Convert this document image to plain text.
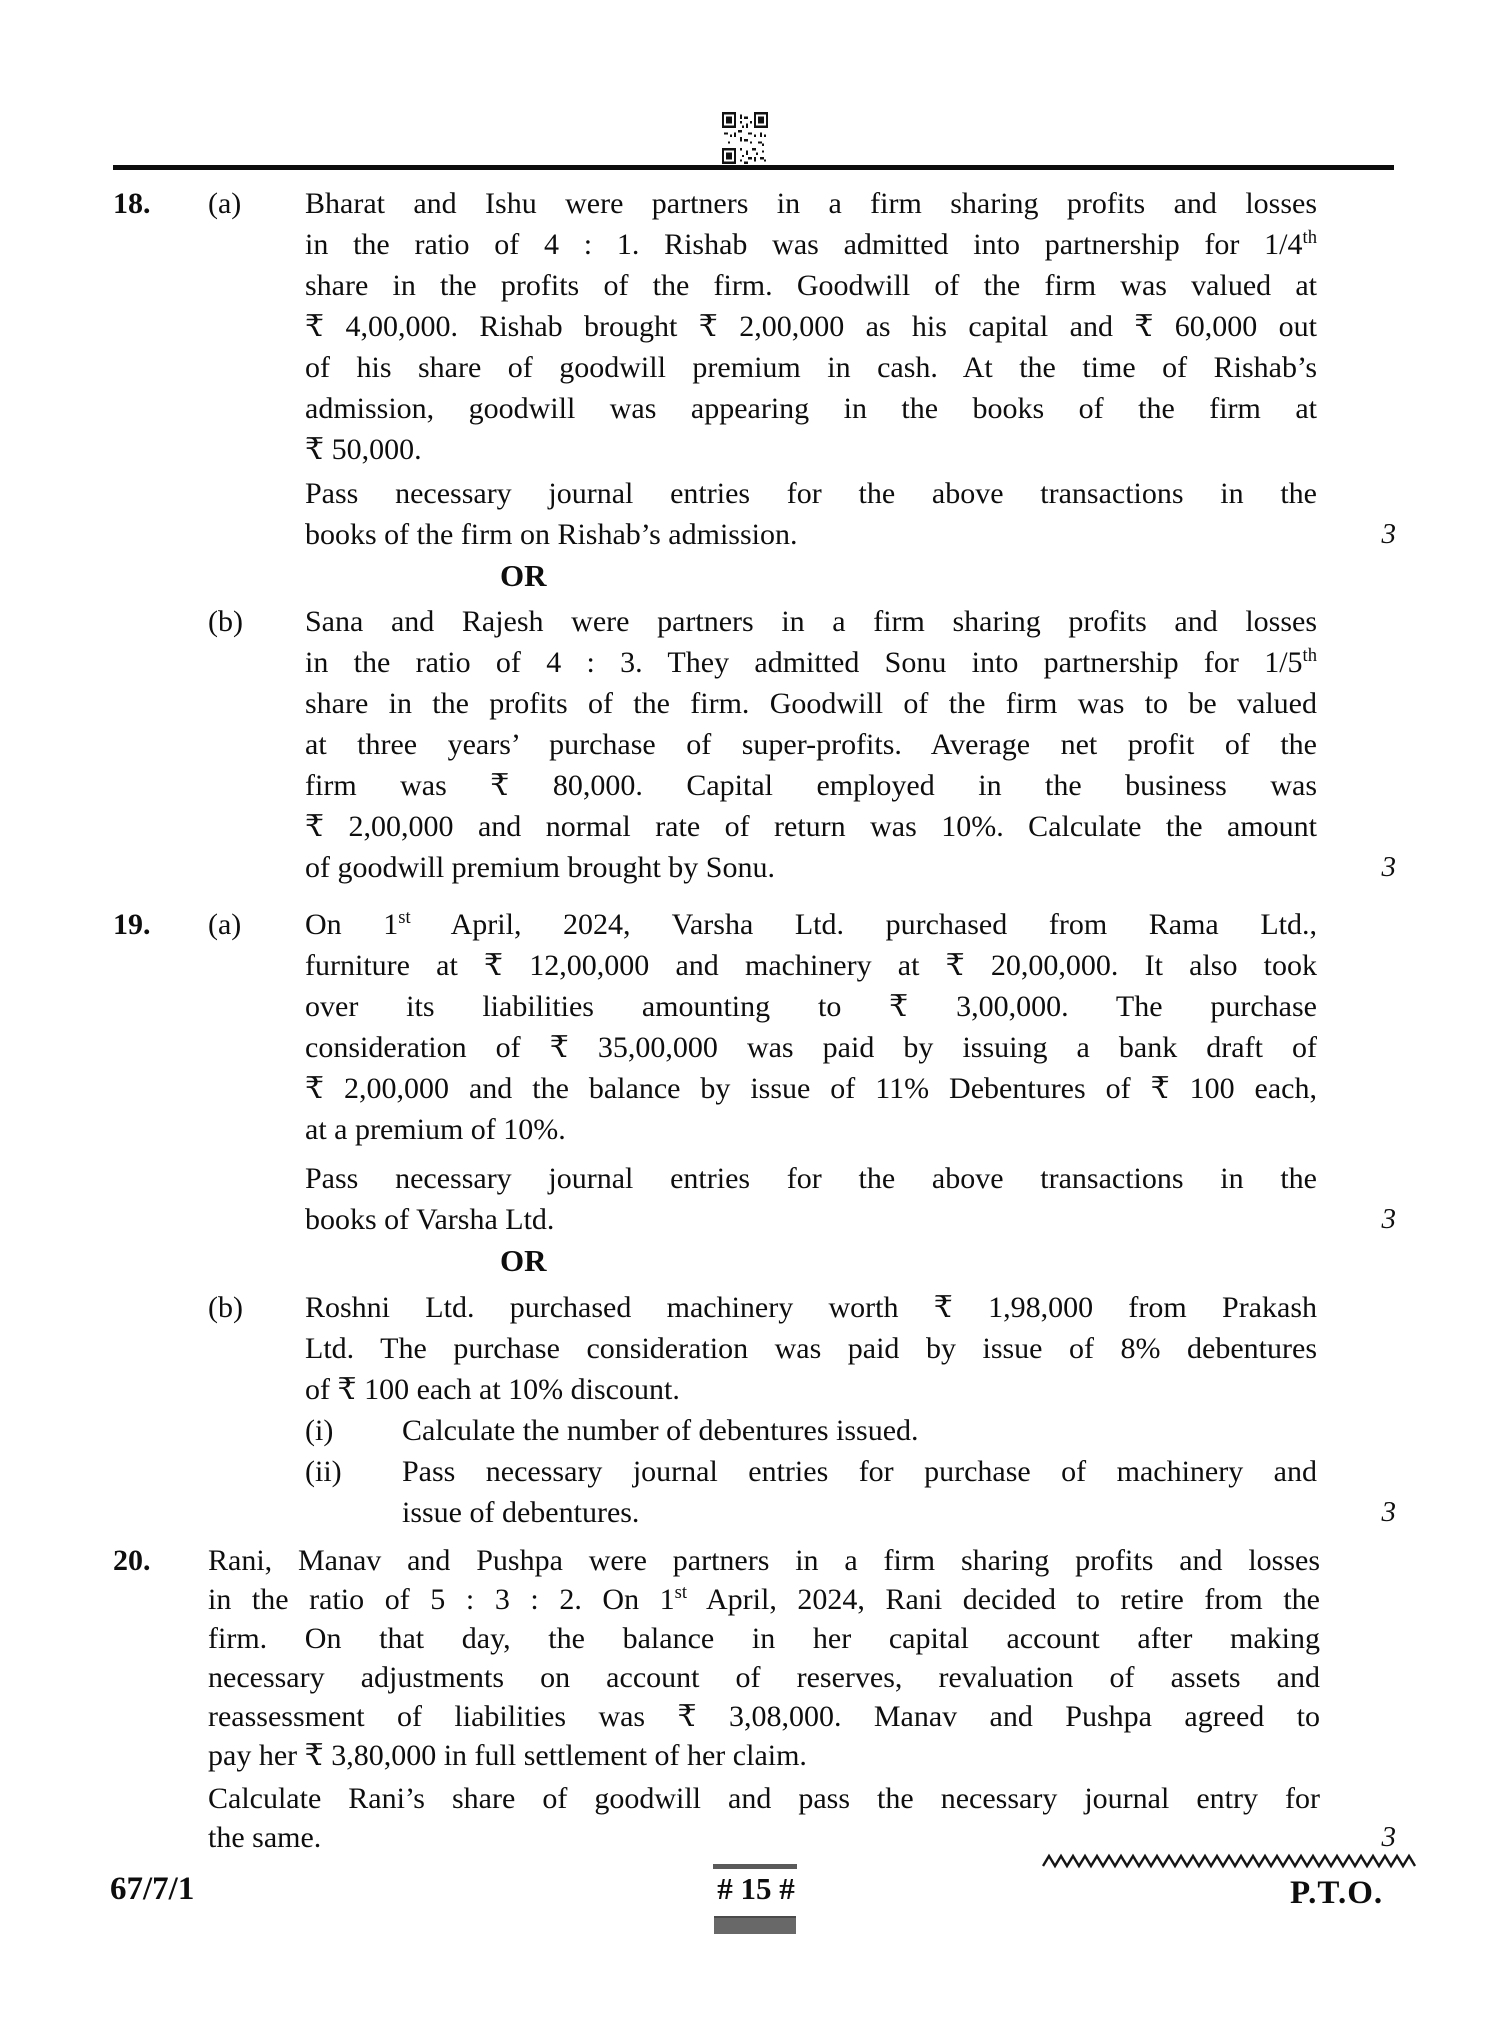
18.	(a)	Bharat and Ishu were partners in a firm sharing profits and losses
in the ratio of 4 : 1. Rishab was admitted into partnership for 1/4th
share in the profits of the firm. Goodwill of the firm was valued at
₹ 4,00,000. Rishab brought ₹ 2,00,000 as his capital and ₹ 60,000 out
of his share of goodwill premium in cash. At the time of Rishab’s
admission, goodwill was appearing in the books of the firm at
₹ 50,000.
Pass necessary journal entries for the above transactions in the
books of the firm on Rishab’s admission.	3
OR
(b)	Sana and Rajesh were partners in a firm sharing profits and losses
in the ratio of 4 : 3. They admitted Sonu into partnership for 1/5th
share in the profits of the firm. Goodwill of the firm was to be valued
at three years’ purchase of super-profits. Average net profit of the
firm was ₹ 80,000. Capital employed in the business was
₹ 2,00,000 and normal rate of return was 10%. Calculate the amount
of goodwill premium brought by Sonu.	3
19.	(a)	On 1st April, 2024, Varsha Ltd. purchased from Rama Ltd.,
furniture at ₹ 12,00,000 and machinery at ₹ 20,00,000. It also took
over its liabilities amounting to ₹ 3,00,000. The purchase
consideration of ₹ 35,00,000 was paid by issuing a bank draft of
₹ 2,00,000 and the balance by issue of 11% Debentures of ₹ 100 each,
at a premium of 10%.
Pass necessary journal entries for the above transactions in the
books of Varsha Ltd.	3
OR
(b)	Roshni Ltd. purchased machinery worth ₹ 1,98,000 from Prakash
Ltd. The purchase consideration was paid by issue of 8% debentures
of ₹ 100 each at 10% discount.
(i)	Calculate the number of debentures issued.
(ii)	Pass necessary journal entries for purchase of machinery and
issue of debentures.	3
20.	Rani, Manav and Pushpa were partners in a firm sharing profits and losses
in the ratio of 5 : 3 : 2. On 1st April, 2024, Rani decided to retire from the
firm. On that day, the balance in her capital account after making
necessary adjustments on account of reserves, revaluation of assets and
reassessment of liabilities was ₹ 3,08,000. Manav and Pushpa agreed to
pay her ₹ 3,80,000 in full settlement of her claim.
Calculate Rani’s share of goodwill and pass the necessary journal entry for
the same.	3
67/7/1	# 15 #	P.T.O.
